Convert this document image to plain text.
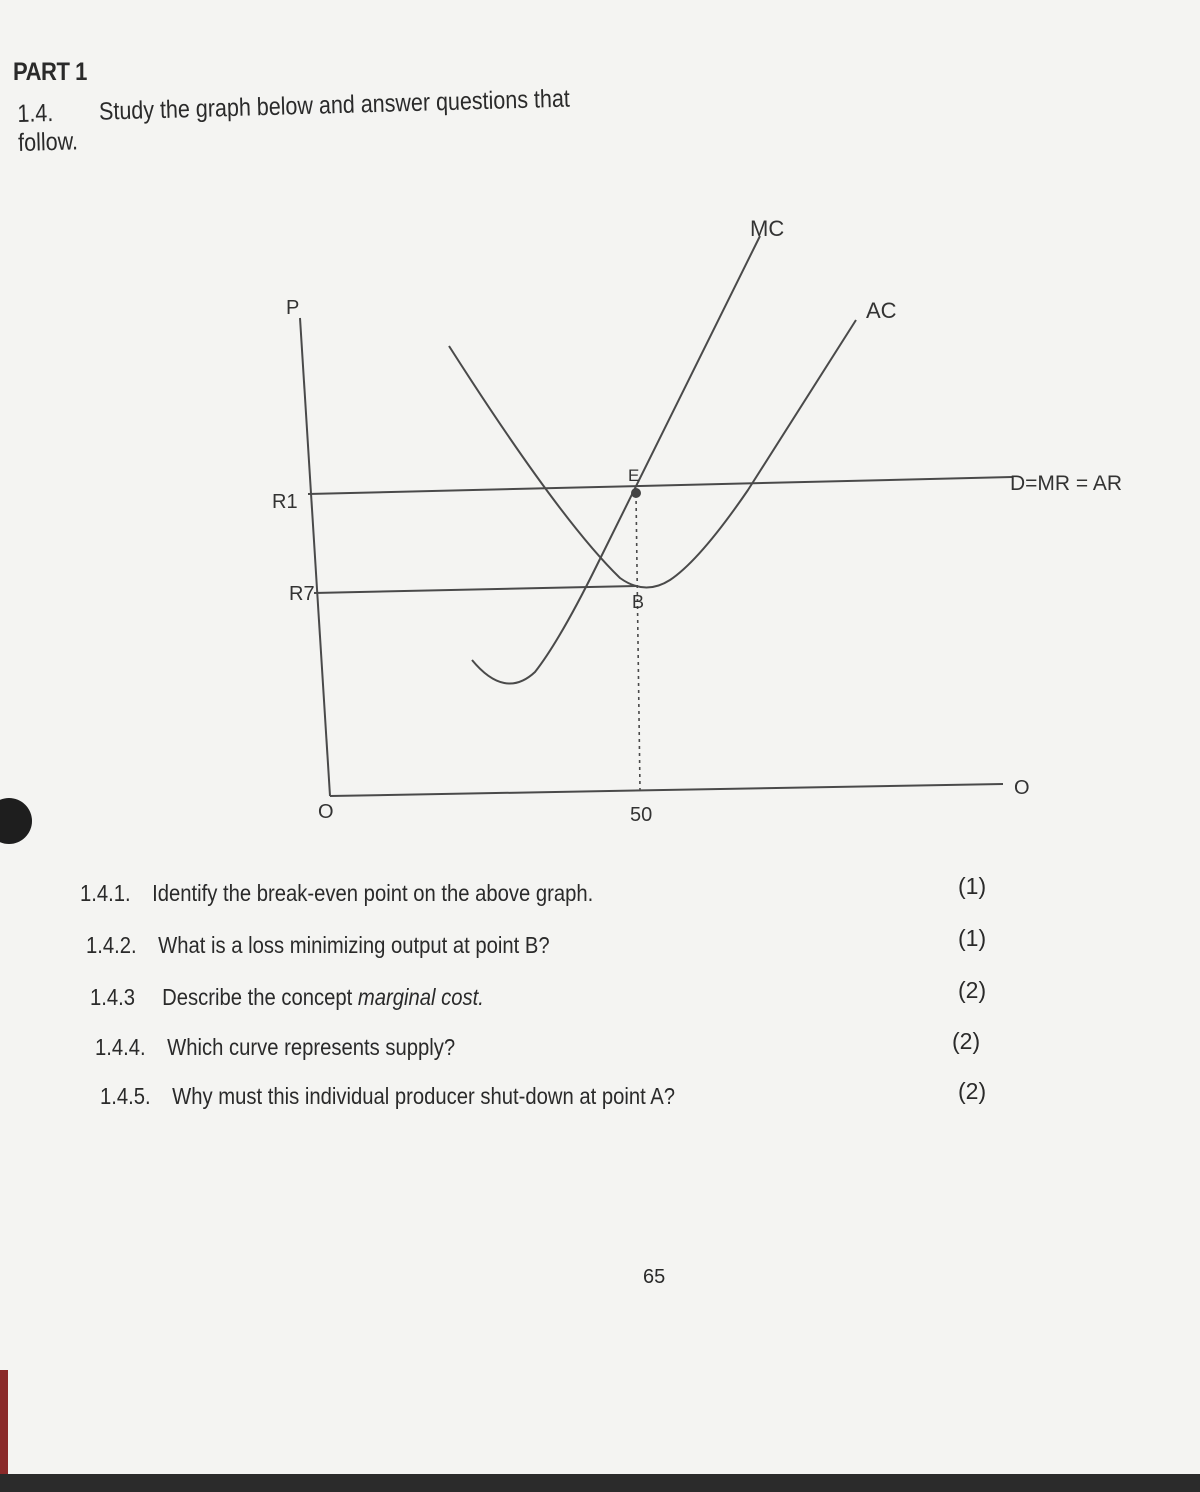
PART 1
1.4. Study the graph below and answer questions that follow.
P
R1
R7
O	50
O
MC
AC
D=MR = AR
E
B
1.4.1. Identify the break-even point on the above graph.	(1)
1.4.2. What is a loss minimizing output at point B?	(1)
1.4.3 Describe the concept marginal cost.	(2)
1.4.4. Which curve represents supply?	(2)
1.4.5. Why must this individual producer shut-down at point A?	(2)
65
